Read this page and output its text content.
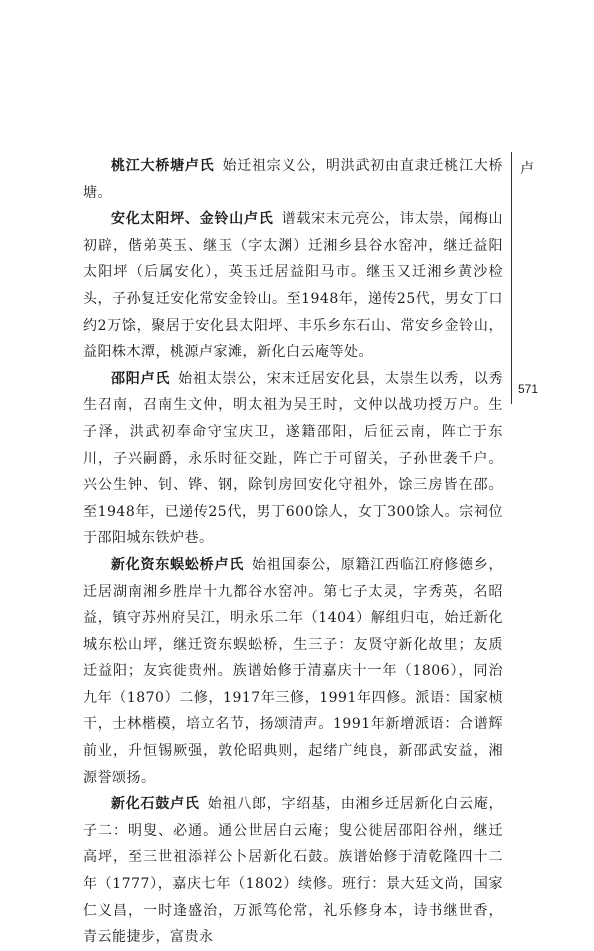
卢
571

桃江大桥塘卢氏 始迁祖宗义公，明洪武初由直隶迁桃江大桥塘。

安化太阳坪、金铃山卢氏 谱载宋末元亮公，讳太崇，闻梅山初辟，偕弟英玉、继玉（字太渊）迁湘乡县谷水窑冲，继迁益阳太阳坪（后属安化），英玉迁居益阳马市。继玉又迁湘乡黄沙检头，子孙复迁安化常安金铃山。至1948年，递传25代，男女丁口约2万馀，聚居于安化县太阳坪、丰乐乡东石山、常安乡金铃山，益阳株木潭，桃源卢家滩，新化白云庵等处。

邵阳卢氏 始祖太崇公，宋末迁居安化县，太崇生以秀，以秀生召南，召南生文仲，明太祖为吴王时，文仲以战功授万户。生子泽，洪武初奉命守宝庆卫，遂籍邵阳，后征云南，阵亡于东川，子兴嗣爵，永乐时征交趾，阵亡于可留关，子孙世袭千户。兴公生钟、钊、铧、钢，除钊房回安化守祖外，馀三房皆在邵。至1948年，已递传25代，男丁600馀人，女丁300馀人。宗祠位于邵阳城东铁炉巷。

新化资东蜈蚣桥卢氏 始祖国泰公，原籍江西临江府修德乡，迁居湖南湘乡胜岸十九都谷水窑冲。第七子太灵，字秀英，名昭益，镇守苏州府吴江，明永乐二年（1404）解组归屯，始迁新化城东松山坪，继迁资东蜈蚣桥，生三子：友贤守新化故里；友质迁益阳；友宾徙贵州。族谱始修于清嘉庆十一年（1806），同治九年（1870）二修，1917年三修，1991年四修。派语：国家桢干，士林楷模，培立名节，扬颂清声。1991年新增派语：合谱辉前业，升恒锡厥强，敦伦昭典则，起绪广纯良，新邵武安益，湘源誉颂扬。

新化石鼓卢氏 始祖八郎，字绍基，由湘乡迁居新化白云庵，子二：明叟、必通。通公世居白云庵；叟公徙居邵阳谷州，继迁高坪，至三世祖添祥公卜居新化石鼓。族谱始修于清乾隆四十二年（1777），嘉庆七年（1802）续修。班行：景大廷文尚，国家仁义昌，一时逢盛治，万派笃伦常，礼乐修身本，诗书继世香，青云能捷步，富贵永
